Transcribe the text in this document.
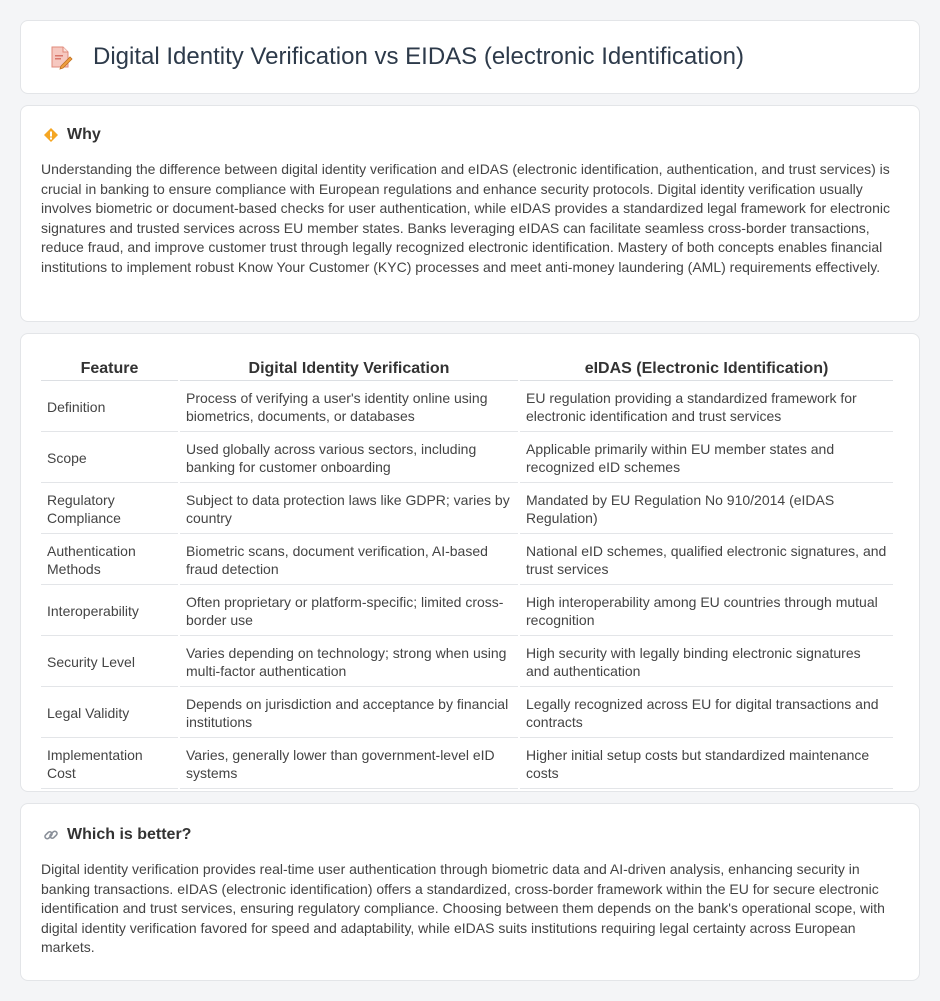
Digital Identity Verification vs EIDAS (electronic Identification)
Why

Understanding the difference between digital identity verification and eIDAS (electronic identification, authentication, and trust services) is crucial in banking to ensure compliance with European regulations and enhance security protocols. Digital identity verification usually involves biometric or document-based checks for user authentication, while eIDAS provides a standardized legal framework for electronic signatures and trusted services across EU member states. Banks leveraging eIDAS can facilitate seamless cross-border transactions, reduce fraud, and improve customer trust through legally recognized electronic identification. Mastery of both concepts enables financial institutions to implement robust Know Your Customer (KYC) processes and meet anti-money laundering (AML) requirements effectively.

Feature	Digital Identity Verification	eIDAS (Electronic Identification)
Definition	Process of verifying a user's identity online using biometrics, documents, or databases	EU regulation providing a standardized framework for electronic identification and trust services
Scope	Used globally across various sectors, including banking for customer onboarding	Applicable primarily within EU member states and recognized eID schemes
Regulatory Compliance	Subject to data protection laws like GDPR; varies by country	Mandated by EU Regulation No 910/2014 (eIDAS Regulation)
Authentication Methods	Biometric scans, document verification, AI-based fraud detection	National eID schemes, qualified electronic signatures, and trust services
Interoperability	Often proprietary or platform-specific; limited cross-border use	High interoperability among EU countries through mutual recognition
Security Level	Varies depending on technology; strong when using multi-factor authentication	High security with legally binding electronic signatures and authentication
Legal Validity	Depends on jurisdiction and acceptance by financial institutions	Legally recognized across EU for digital transactions and contracts
Implementation Cost	Varies, generally lower than government-level eID systems	Higher initial setup costs but standardized maintenance costs
Which is better?

Digital identity verification provides real-time user authentication through biometric data and AI-driven analysis, enhancing security in banking transactions. eIDAS (electronic identification) offers a standardized, cross-border framework within the EU for secure electronic identification and trust services, ensuring regulatory compliance. Choosing between them depends on the bank's operational scope, with digital identity verification favored for speed and adaptability, while eIDAS suits institutions requiring legal certainty across European markets.
